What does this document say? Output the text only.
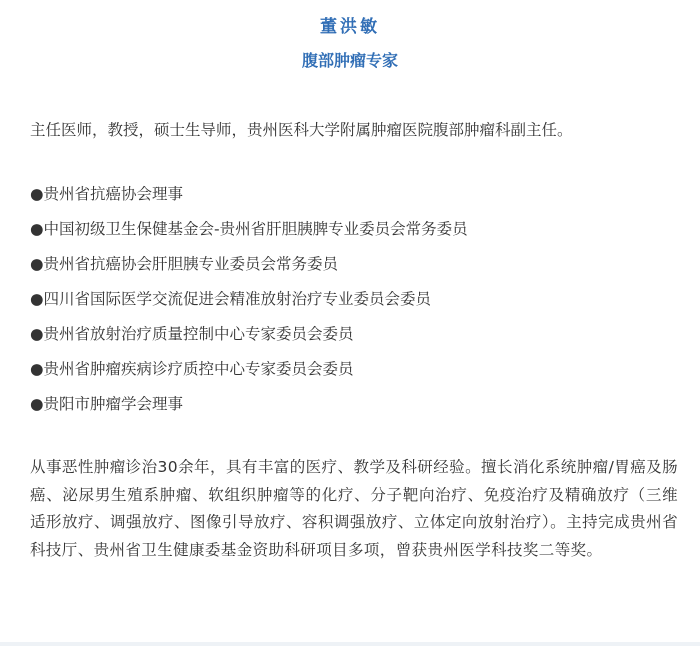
董洪敏
腹部肿瘤专家
主任医师，教授，硕士生导师，贵州医科大学附属肿瘤医院腹部肿瘤科副主任。
●贵州省抗癌协会理事
●中国初级卫生保健基金会-贵州省肝胆胰脾专业委员会常务委员
●贵州省抗癌协会肝胆胰专业委员会常务委员
●四川省国际医学交流促进会精准放射治疗专业委员会委员
●贵州省放射治疗质量控制中心专家委员会委员
●贵州省肿瘤疾病诊疗质控中心专家委员会委员
●贵阳市肿瘤学会理事
从事恶性肿瘤诊治30余年，具有丰富的医疗、教学及科研经验。擅长消化系统肿瘤/胃癌及肠癌、泌尿男生殖系肿瘤、软组织肿瘤等的化疗、分子靶向治疗、免疫治疗及精确放疗（三维适形放疗、调强放疗、图像引导放疗、容积调强放疗、立体定向放射治疗）。主持完成贵州省科技厅、贵州省卫生健康委基金资助科研项目多项，曾获贵州医学科技奖二等奖。
